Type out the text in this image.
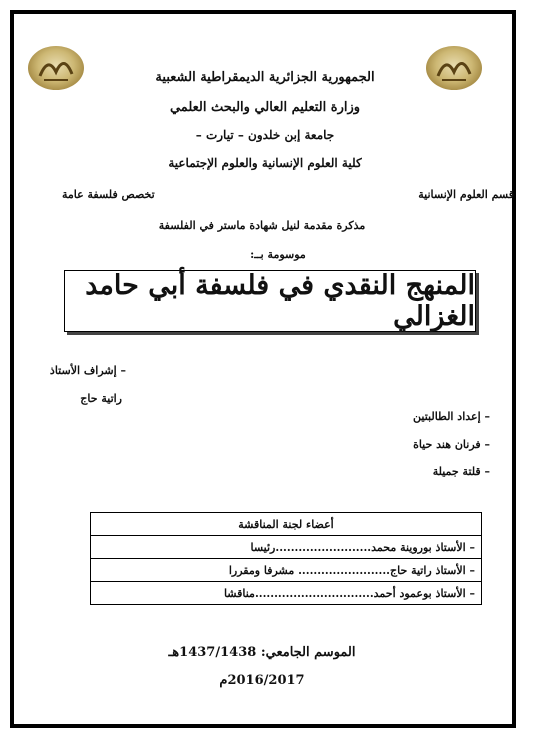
الجمهورية الجزائرية الديمقراطية الشعبية
وزارة التعليم العالي والبحث العلمي
جامعة إبن خلدون – تيارت –
كلية العلوم الإنسانية والعلوم الإجتماعية
قسم العلوم الإنسانية
تخصص فلسفة عامة
مذكرة مقدمة لنيل شهادة ماستر في الفلسفة
موسومة بــ:
المنهج النقدي في فلسفة أبي حامد الغزالي
– إشراف الأستاذ
راتية حاج
– إعداد الطالبتين
– فرنان هند حياة
– قلتة جميلة
أعضاء لجنة المناقشة
– الأستاذ بوروينة محمد.........................رئيسا
– الأستاذ راتية حاج........................ مشرفا ومقررا
– الأستاذ بوعمود أحمد...............................مناقشا
الموسم الجامعي: 1437/1438هـ
2016/2017م
